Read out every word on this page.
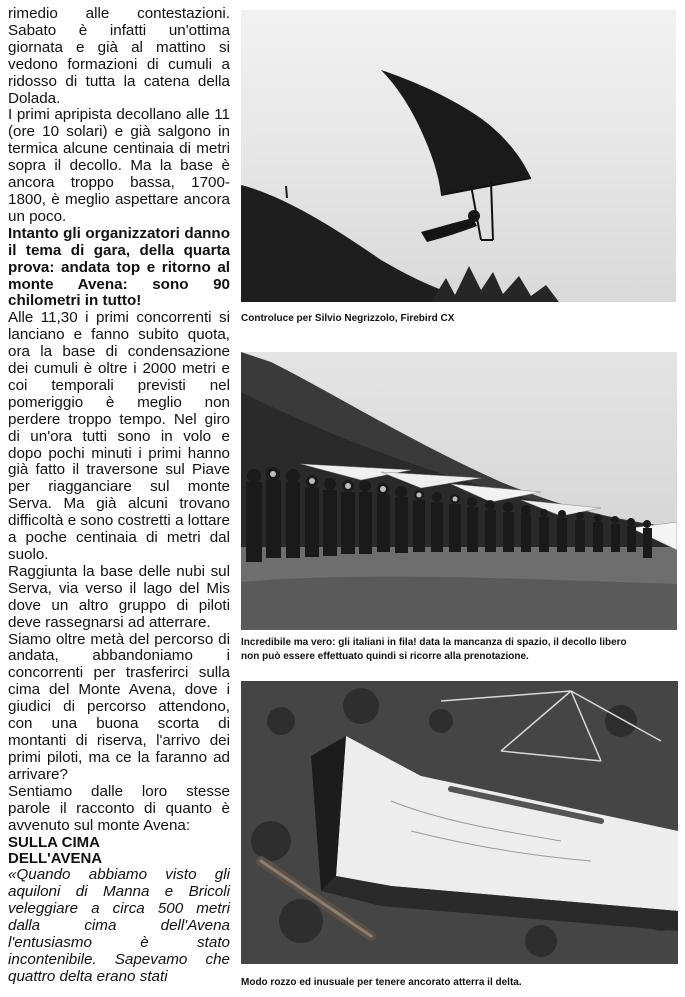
rimedio alle contestazioni. Sabato è infatti un'ottima giornata e già al mattino si vedono formazioni di cumuli a ridosso di tutta la catena della Dolada.

I primi apripista decollano alle 11 (ore 10 solari) e già salgono in termica alcune centinaia di metri sopra il decollo. Ma la base è ancora troppo bassa, 1700-1800, è meglio aspettare ancora un poco.

Intanto gli organizzatori danno il tema di gara, della quarta prova: andata top e ritorno al monte Avena: sono 90 chilometri in tutto!

Alle 11,30 i primi concorrenti si lanciano e fanno subito quota, ora la base di condensazione dei cumuli è oltre i 2000 metri e coi temporali previsti nel pomeriggio è meglio non perdere troppo tempo. Nel giro di un'ora tutti sono in volo e dopo pochi minuti i primi hanno già fatto il traversone sul Piave per riagganciare sul monte Serva. Ma già alcuni trovano difficoltà e sono costretti a lottare a poche centinaia di metri dal suolo.

Raggiunta la base delle nubi sul Serva, via verso il lago del Mis dove un altro gruppo di piloti deve rassegnarsi ad atterrare.

Siamo oltre metà del percorso di andata, abbandoniamo i concorrenti per trasferirci sulla cima del Monte Avena, dove i giudici di percorso attendono, con una buona scorta di montanti di riserva, l'arrivo dei primi piloti, ma ce la faranno ad arrivare?

Sentiamo dalle loro stesse parole il racconto di quanto è avvenuto sul monte Avena:

SULLA CIMA
DELL'AVENA

«Quando abbiamo visto gli aquiloni di Manna e Bricoli veleggiare a circa 500 metri dalla cima dell'Avena l'entusiasmo è stato incontenibile. Sapevamo che quattro delta erano stati

Controluce per Silvio Negrizzolo, Firebird CX
Incredibile ma vero: gli italiani in fila! data la mancanza di spazio, il decollo libero
non può essere effettuato quindi si ricorre alla prenotazione.
Modo rozzo ed inusuale per tenere ancorato atterra il delta.
